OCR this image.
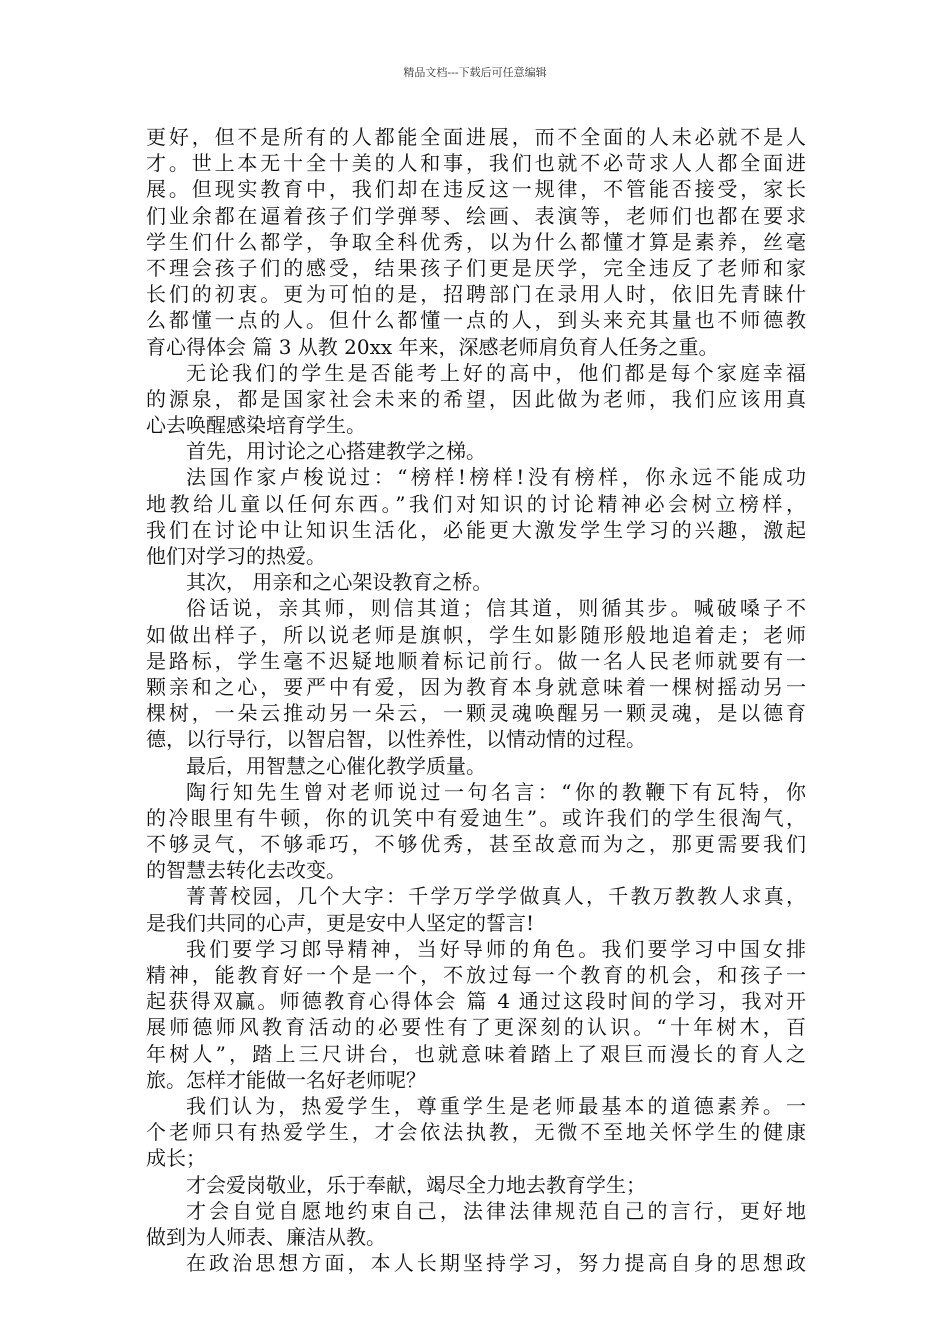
精品文档---下载后可任意编辑
更好，但不是所有的人都能全面进展，而不全面的人未必就不是人
才。世上本无十全十美的人和事，我们也就不必苛求人人都全面进
展。但现实教育中，我们却在违反这一规律，不管能否接受，家长
们业余都在逼着孩子们学弹琴、绘画、表演等，老师们也都在要求
学生们什么都学，争取全科优秀，以为什么都懂才算是素养，丝毫
不理会孩子们的感受，结果孩子们更是厌学，完全违反了老师和家
长们的初衷。更为可怕的是，招聘部门在录用人时，依旧先青睐什
么都懂一点的人。但什么都懂一点的人，到头来充其量也不师德教
育心得体会 篇 3 从教 20xx 年来，深感老师肩负育人任务之重。
无论我们的学生是否能考上好的高中，他们都是每个家庭幸福
的源泉，都是国家社会未来的希望，因此做为老师，我们应该用真
心去唤醒感染培育学生。
首先，用讨论之心搭建教学之梯。
法国作家卢梭说过：“榜样!榜样!没有榜样，你永远不能成功
地教给儿童以任何东西。”我们对知识的讨论精神必会树立榜样，
我们在讨论中让知识生活化，必能更大激发学生学习的兴趣，激起
他们对学习的热爱。
其次， 用亲和之心架设教育之桥。
俗话说，亲其师，则信其道；信其道，则循其步。喊破嗓子不
如做出样子，所以说老师是旗帜，学生如影随形般地追着走；老师
是路标，学生毫不迟疑地顺着标记前行。做一名人民老师就要有一
颗亲和之心，要严中有爱，因为教育本身就意味着一棵树摇动另一
棵树，一朵云推动另一朵云，一颗灵魂唤醒另一颗灵魂，是以德育
德，以行导行，以智启智，以性养性，以情动情的过程。
最后，用智慧之心催化教学质量。
陶行知先生曾对老师说过一句名言：“你的教鞭下有瓦特，你
的冷眼里有牛顿，你的讥笑中有爱迪生”。或许我们的学生很淘气，
不够灵气，不够乖巧，不够优秀，甚至故意而为之，那更需要我们
的智慧去转化去改变。
菁菁校园，几个大字：千学万学学做真人，千教万教教人求真，
是我们共同的心声，更是安中人坚定的誓言!
我们要学习郎导精神，当好导师的角色。我们要学习中国女排
精神，能教育好一个是一个，不放过每一个教育的机会，和孩子一
起获得双赢。师德教育心得体会 篇 4 通过这段时间的学习，我对开
展师德师风教育活动的必要性有了更深刻的认识。“十年树木，百
年树人”，踏上三尺讲台，也就意味着踏上了艰巨而漫长的育人之
旅。怎样才能做一名好老师呢？
我们认为，热爱学生，尊重学生是老师最基本的道德素养。一
个老师只有热爱学生，才会依法执教，无微不至地关怀学生的健康
成长；
才会爱岗敬业，乐于奉献，竭尽全力地去教育学生；
才会自觉自愿地约束自己，法律法律规范自己的言行，更好地
做到为人师表、廉洁从教。
在政治思想方面，本人长期坚持学习，努力提高自身的思想政
